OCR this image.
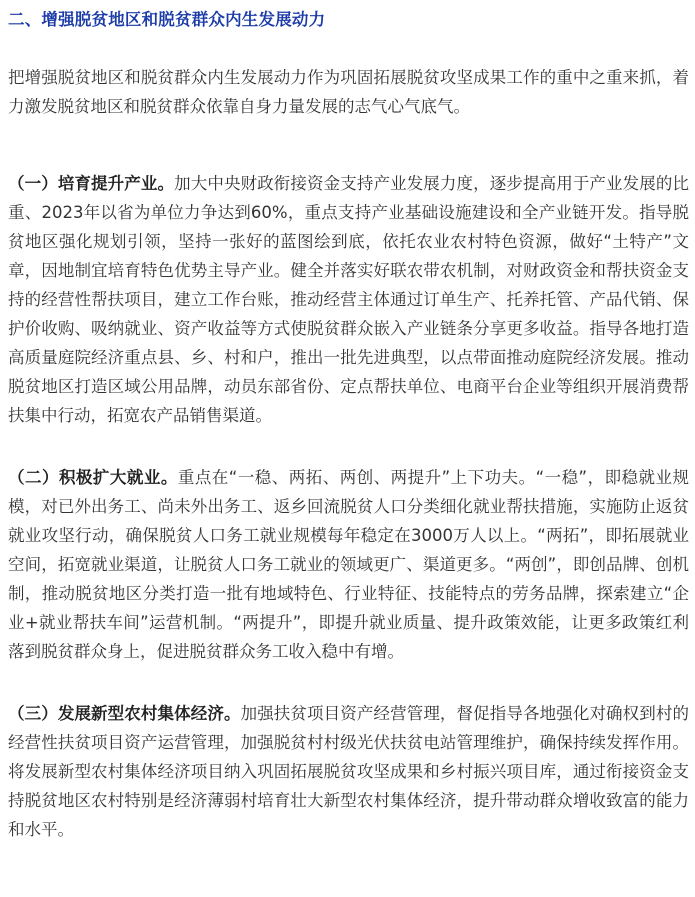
二、增强脱贫地区和脱贫群众内生发展动力

把增强脱贫地区和脱贫群众内生发展动力作为巩固拓展脱贫攻坚成果工作的重中之重来抓，着力激发脱贫地区和脱贫群众依靠自身力量发展的志气心气底气。

（一）培育提升产业。加大中央财政衔接资金支持产业发展力度，逐步提高用于产业发展的比重、2023年以省为单位力争达到60%，重点支持产业基础设施建设和全产业链开发。指导脱贫地区强化规划引领，坚持一张好的蓝图绘到底，依托农业农村特色资源，做好“土特产”文章，因地制宜培育特色优势主导产业。健全并落实好联农带农机制，对财政资金和帮扶资金支持的经营性帮扶项目，建立工作台账，推动经营主体通过订单生产、托养托管、产品代销、保护价收购、吸纳就业、资产收益等方式使脱贫群众嵌入产业链条分享更多收益。指导各地打造高质量庭院经济重点县、乡、村和户，推出一批先进典型，以点带面推动庭院经济发展。推动脱贫地区打造区域公用品牌，动员东部省份、定点帮扶单位、电商平台企业等组织开展消费帮扶集中行动，拓宽农产品销售渠道。

（二）积极扩大就业。重点在“一稳、两拓、两创、两提升”上下功夫。“一稳”，即稳就业规模，对已外出务工、尚未外出务工、返乡回流脱贫人口分类细化就业帮扶措施，实施防止返贫就业攻坚行动，确保脱贫人口务工就业规模每年稳定在3000万人以上。“两拓”，即拓展就业空间，拓宽就业渠道，让脱贫人口务工就业的领域更广、渠道更多。“两创”，即创品牌、创机制，推动脱贫地区分类打造一批有地域特色、行业特征、技能特点的劳务品牌，探索建立“企业+就业帮扶车间”运营机制。“两提升”，即提升就业质量、提升政策效能，让更多政策红利落到脱贫群众身上，促进脱贫群众务工收入稳中有增。

（三）发展新型农村集体经济。加强扶贫项目资产经营管理，督促指导各地强化对确权到村的经营性扶贫项目资产运营管理，加强脱贫村村级光伏扶贫电站管理维护，确保持续发挥作用。将发展新型农村集体经济项目纳入巩固拓展脱贫攻坚成果和乡村振兴项目库，通过衔接资金支持脱贫地区农村特别是经济薄弱村培育壮大新型农村集体经济，提升带动群众增收致富的能力和水平。
